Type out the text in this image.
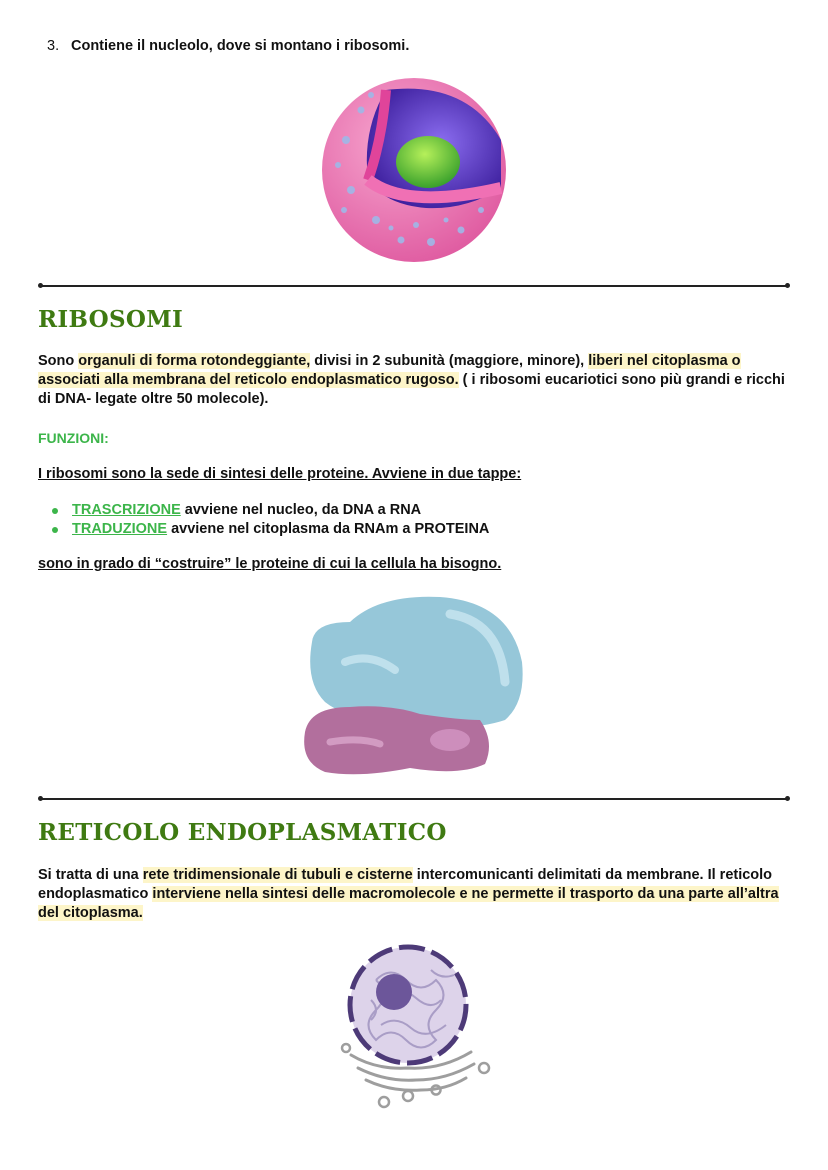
3. Contiene il nucleolo, dove si montano i ribosomi.
RIBOSOMI
Sono organuli di forma rotondeggiante, divisi in 2 subunità (maggiore, minore), liberi nel citoplasma o associati alla membrana del reticolo endoplasmatico rugoso. ( i ribosomi eucariotici sono più grandi e ricchi di DNA- legate oltre 50 molecole).
FUNZIONI:
I ribosomi sono la sede di sintesi delle proteine. Avviene in due tappe:
TRASCRIZIONE avviene nel nucleo, da DNA a RNA
TRADUZIONE avviene nel citoplasma da RNAm a PROTEINA
sono in grado di “costruire” le proteine di cui la cellula ha bisogno.
RETICOLO ENDOPLASMATICO
Si tratta di una rete tridimensionale di tubuli e cisterne intercomunicanti delimitati da membrane. Il reticolo endoplasmatico interviene nella sintesi delle macromolecole e ne permette il trasporto da una parte all’altra del citoplasma.
